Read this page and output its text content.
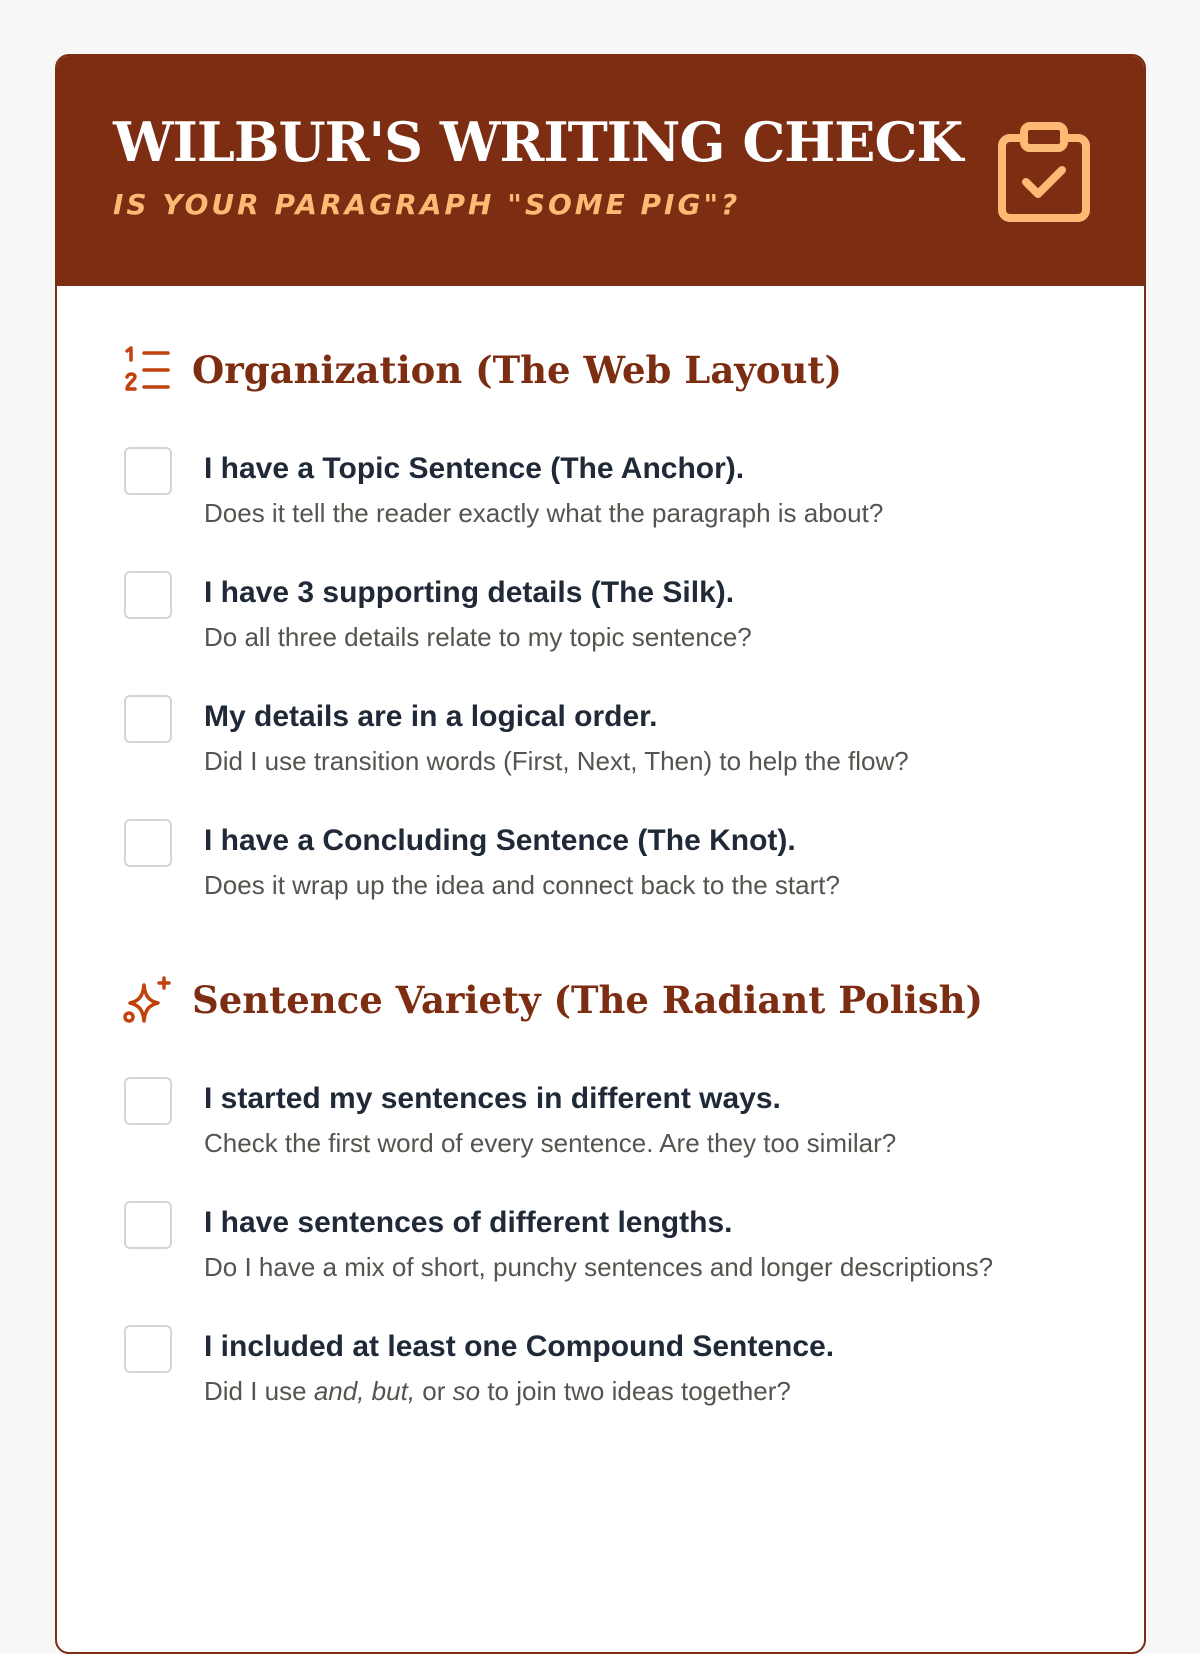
WILBUR'S WRITING CHECK

IS YOUR PARAGRAPH "SOME PIG"?

Organization (The Web Layout)

I have a Topic Sentence (The Anchor).

Does it tell the reader exactly what the paragraph is about?

I have 3 supporting details (The Silk).

Do all three details relate to my topic sentence?

My details are in a logical order.

Did I use transition words (First, Next, Then) to help the flow?

I have a Concluding Sentence (The Knot).

Does it wrap up the idea and connect back to the start?

Sentence Variety (The Radiant Polish)

I started my sentences in different ways.

Check the first word of every sentence. Are they too similar?

I have sentences of different lengths.

Do I have a mix of short, punchy sentences and longer descriptions?

I included at least one Compound Sentence.

Did I use and, but, or so to join two ideas together?
